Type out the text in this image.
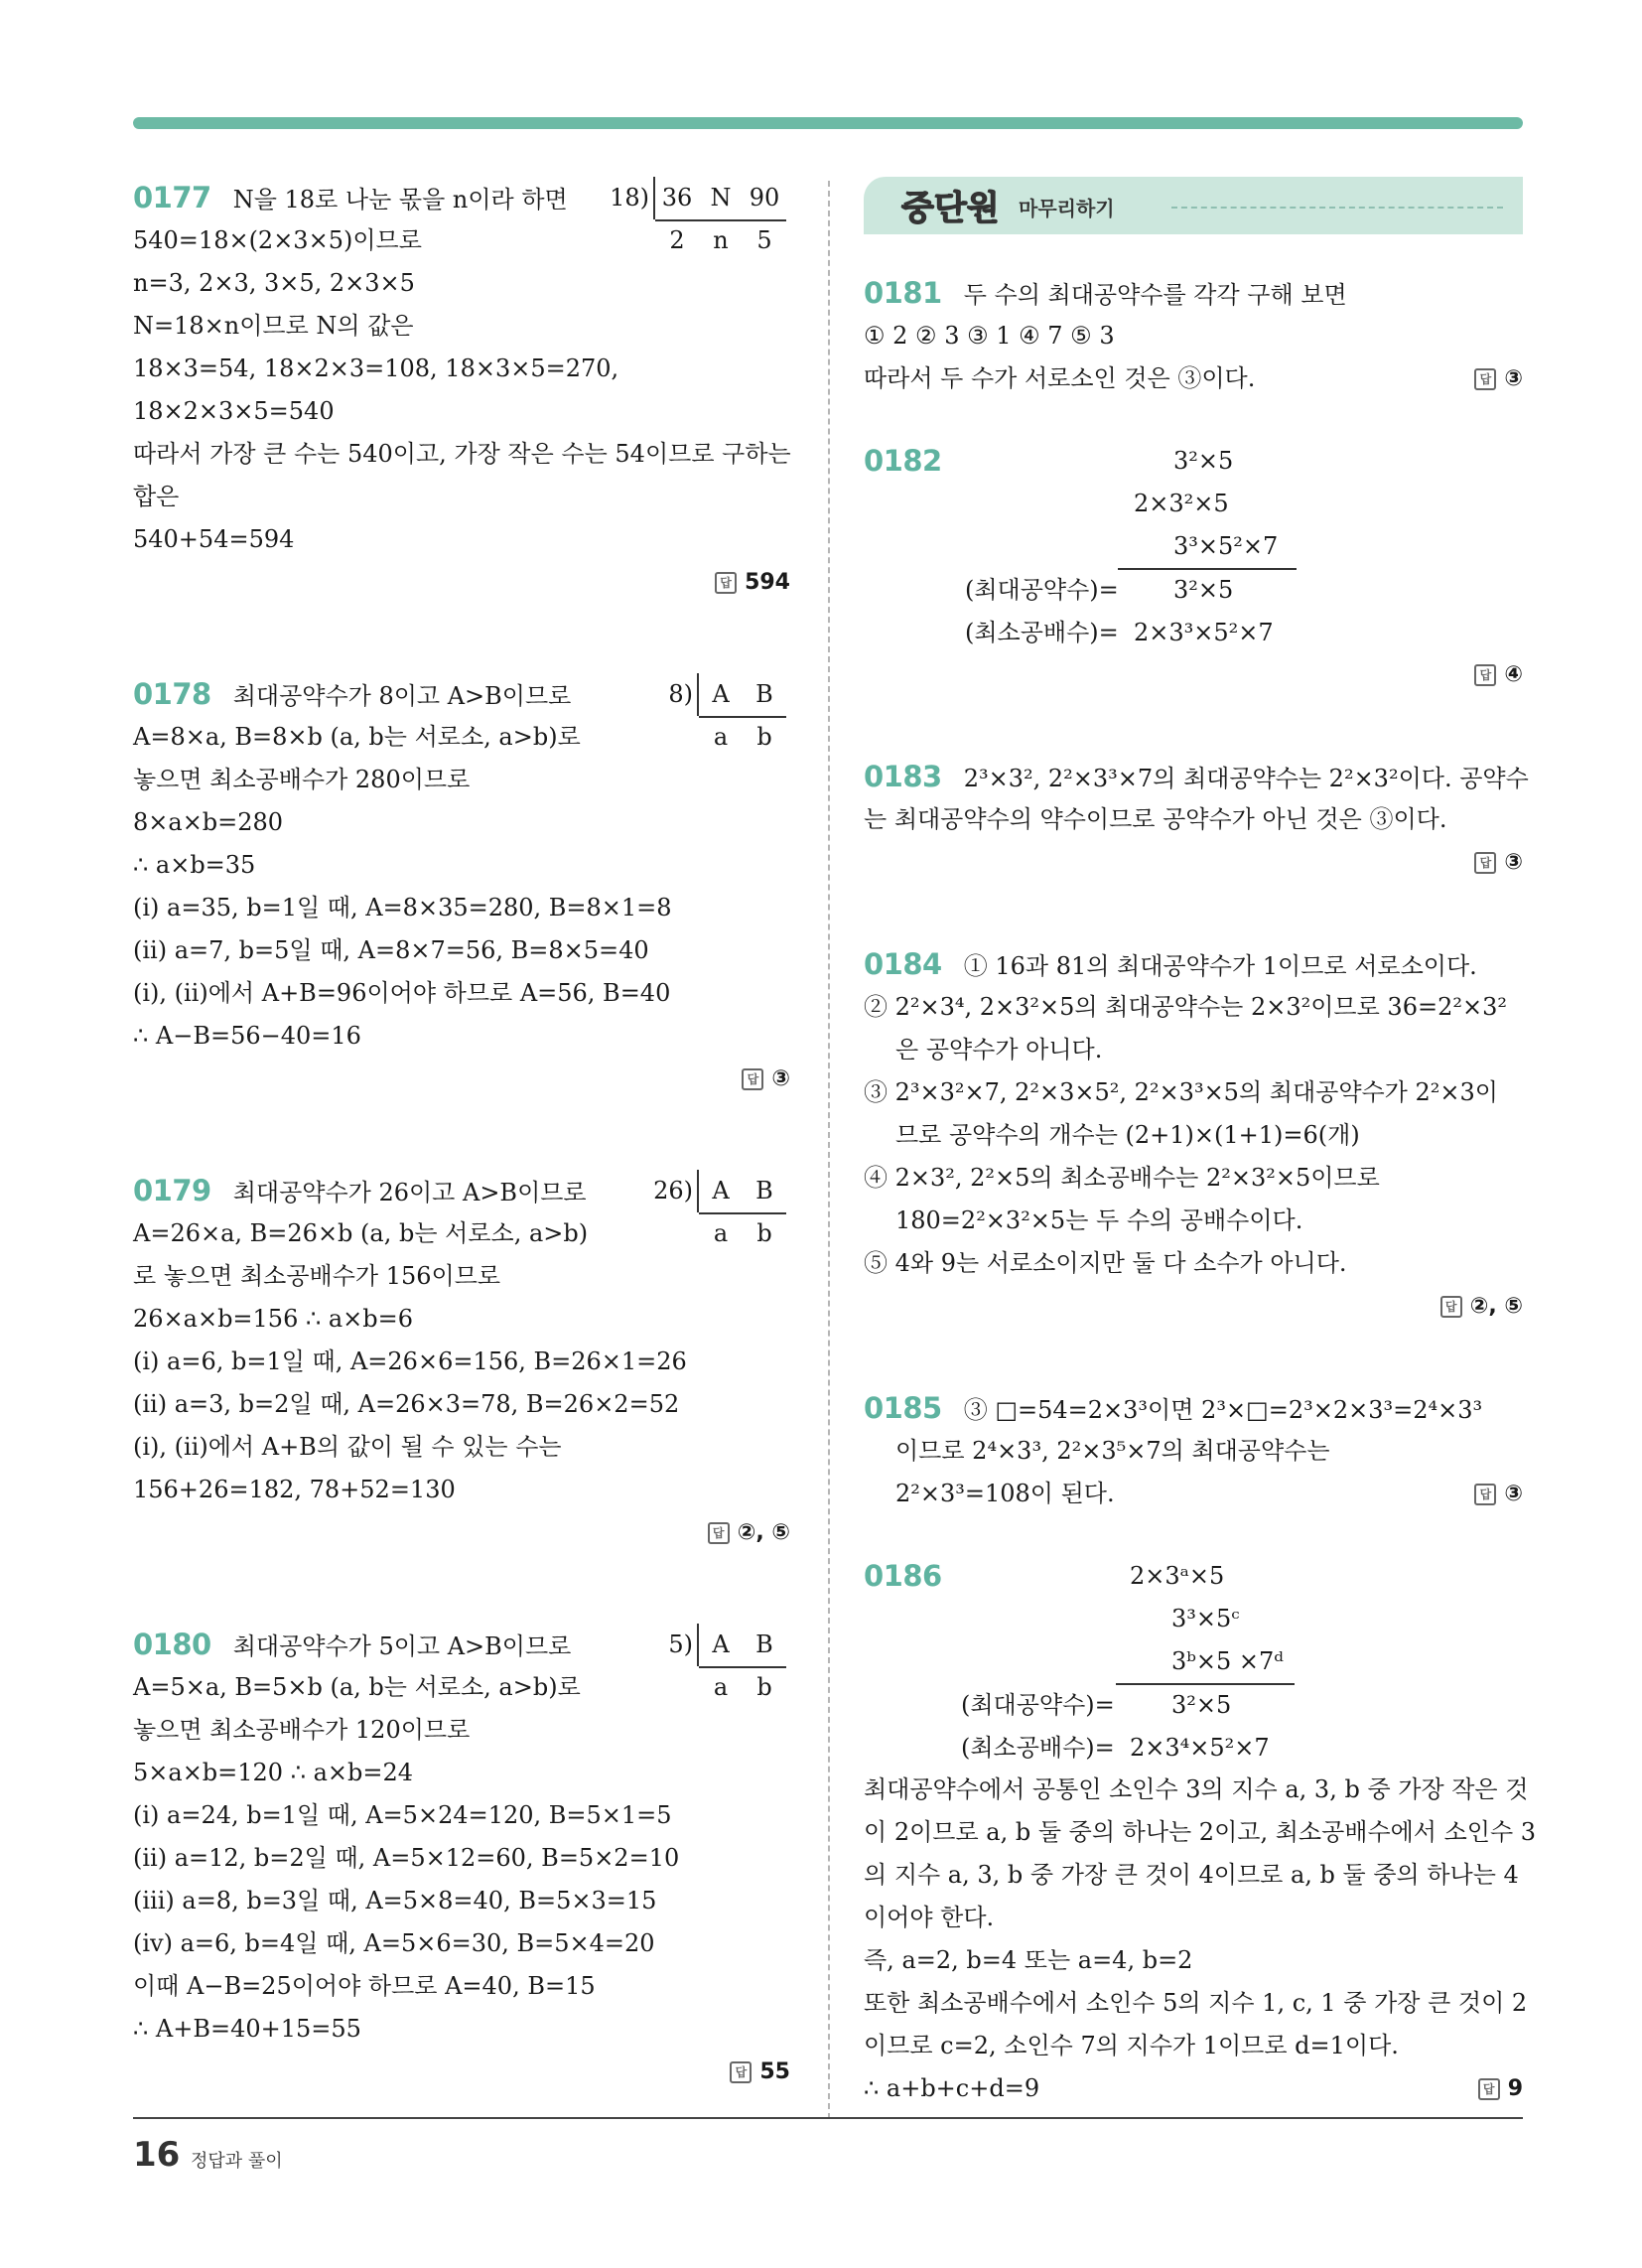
18) 36 N 90
2 n 5
0177 N을 18로 나눈 몫을 n이라 하면
540=18×(2×3×5)이므로
n=3, 2×3, 3×5, 2×3×5
N=18×n이므로 N의 값은
18×3=54, 18×2×3=108, 18×3×5=270,
18×2×3×5=540
따라서 가장 큰 수는 540이고, 가장 작은 수는 54이므로 구하는
합은
540+54=594
답 594
8) A B
a b
0178 최대공약수가 8이고 A>B이므로
A=8×a, B=8×b (a, b는 서로소, a>b)로
놓으면 최소공배수가 280이므로
8×a×b=280
∴ a×b=35
(ⅰ) a=35, b=1일 때, A=8×35=280, B=8×1=8
(ⅱ) a=7, b=5일 때, A=8×7=56, B=8×5=40
(ⅰ), (ⅱ)에서 A+B=96이어야 하므로 A=56, B=40
∴ A−B=56−40=16
답 ③
26) A B
a b
0179 최대공약수가 26이고 A>B이므로
A=26×a, B=26×b (a, b는 서로소, a>b)
로 놓으면 최소공배수가 156이므로
26×a×b=156 ∴ a×b=6
(ⅰ) a=6, b=1일 때, A=26×6=156, B=26×1=26
(ⅱ) a=3, b=2일 때, A=26×3=78, B=26×2=52
(ⅰ), (ⅱ)에서 A+B의 값이 될 수 있는 수는
156+26=182, 78+52=130
답 ②, ⑤
5) A B
a b
0180 최대공약수가 5이고 A>B이므로
A=5×a, B=5×b (a, b는 서로소, a>b)로
놓으면 최소공배수가 120이므로
5×a×b=120 ∴ a×b=24
(ⅰ) a=24, b=1일 때, A=5×24=120, B=5×1=5
(ⅱ) a=12, b=2일 때, A=5×12=60, B=5×2=10
(ⅲ) a=8, b=3일 때, A=5×8=40, B=5×3=15
(ⅳ) a=6, b=4일 때, A=5×6=30, B=5×4=20
이때 A−B=25이어야 하므로 A=40, B=15
∴ A+B=40+15=55
답 55
중단원 마무리하기
0181 두 수의 최대공약수를 각각 구해 보면
① 2 ② 3 ③ 1 ④ 7 ⑤ 3
따라서 두 수가 서로소인 것은 ③이다.	답 ③
0182	3²×5
2×3²×5
3³×5²×7
(최대공약수)= 3²×5
(최소공배수)= 2×3³×5²×7
답 ④
0183 2³×3², 2²×3³×7의 최대공약수는 2²×3²이다. 공약수
는 최대공약수의 약수이므로 공약수가 아닌 것은 ③이다.
답 ③
0184 ① 16과 81의 최대공약수가 1이므로 서로소이다.
② 2²×3⁴, 2×3²×5의 최대공약수는 2×3²이므로 36=2²×3²
은 공약수가 아니다.
③ 2³×3²×7, 2²×3×5², 2²×3³×5의 최대공약수가 2²×3이
므로 공약수의 개수는 (2+1)×(1+1)=6(개)
④ 2×3², 2²×5의 최소공배수는 2²×3²×5이므로
180=2²×3²×5는 두 수의 공배수이다.
⑤ 4와 9는 서로소이지만 둘 다 소수가 아니다.
답 ②, ⑤
0185 ③ □=54=2×3³이면 2³×□=2³×2×3³=2⁴×3³
이므로 2⁴×3³, 2²×3⁵×7의 최대공약수는
2²×3³=108이 된다.	답 ③
0186	2×3ᵃ×5
3³×5ᶜ
3ᵇ×5 ×7ᵈ
(최대공약수)= 3²×5
(최소공배수)= 2×3⁴×5²×7
최대공약수에서 공통인 소인수 3의 지수 a, 3, b 중 가장 작은 것
이 2이므로 a, b 둘 중의 하나는 2이고, 최소공배수에서 소인수 3
의 지수 a, 3, b 중 가장 큰 것이 4이므로 a, b 둘 중의 하나는 4
이어야 한다.
즉, a=2, b=4 또는 a=4, b=2
또한 최소공배수에서 소인수 5의 지수 1, c, 1 중 가장 큰 것이 2
이므로 c=2, 소인수 7의 지수가 1이므로 d=1이다.
∴ a+b+c+d=9	답 9
16 정답과 풀이
